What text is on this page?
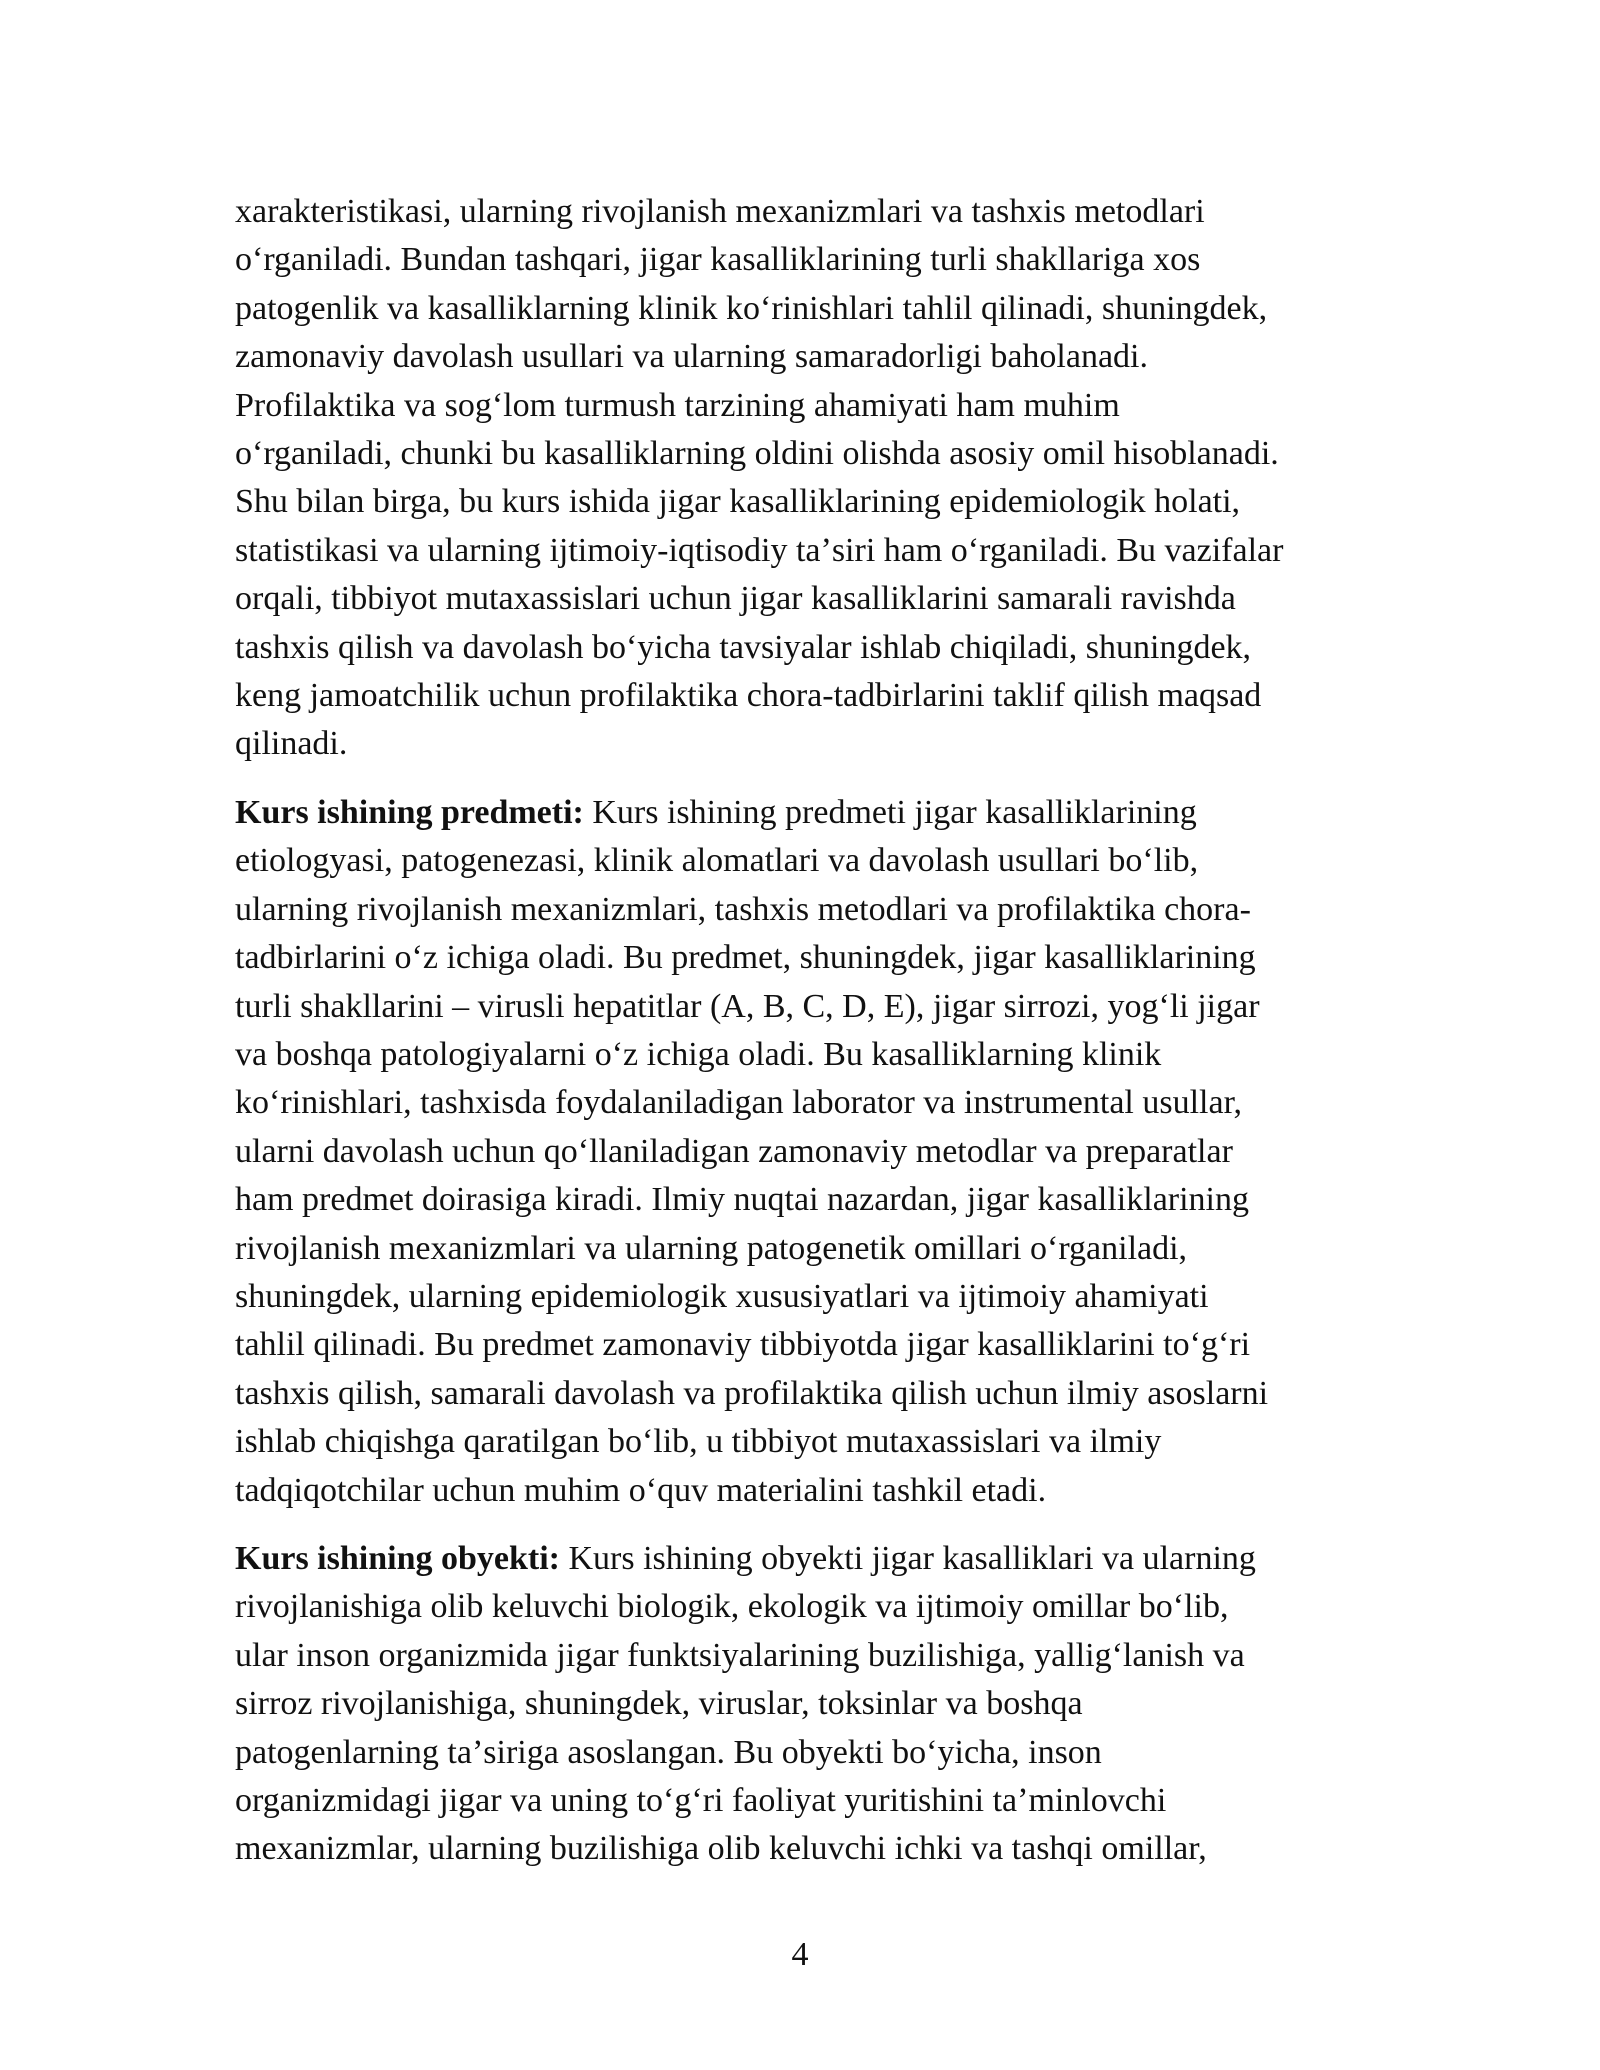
xarakteristikasi, ularning rivojlanish mexanizmlari va tashxis metodlari
oʻrganiladi. Bundan tashqari, jigar kasalliklarining turli shakllariga xos
patogenlik va kasalliklarning klinik koʻrinishlari tahlil qilinadi, shuningdek,
zamonaviy davolash usullari va ularning samaradorligi baholanadi.
Profilaktika va sogʻlom turmush tarzining ahamiyati ham muhim
oʻrganiladi, chunki bu kasalliklarning oldini olishda asosiy omil hisoblanadi.
Shu bilan birga, bu kurs ishida jigar kasalliklarining epidemiologik holati,
statistikasi va ularning ijtimoiy-iqtisodiy taʼsiri ham oʻrganiladi. Bu vazifalar
orqali, tibbiyot mutaxassislari uchun jigar kasalliklarini samarali ravishda
tashxis qilish va davolash boʻyicha tavsiyalar ishlab chiqiladi, shuningdek,
keng jamoatchilik uchun profilaktika chora-tadbirlarini taklif qilish maqsad
qilinadi.

Kurs ishining predmeti: Kurs ishining predmeti jigar kasalliklarining
etiologyasi, patogenezasi, klinik alomatlari va davolash usullari boʻlib,
ularning rivojlanish mexanizmlari, tashxis metodlari va profilaktika chora-
tadbirlarini oʻz ichiga oladi. Bu predmet, shuningdek, jigar kasalliklarining
turli shakllarini – virusli hepatitlar (A, B, C, D, E), jigar sirrozi, yogʻli jigar
va boshqa patologiyalarni oʻz ichiga oladi. Bu kasalliklarning klinik
koʻrinishlari, tashxisda foydalaniladigan laborator va instrumental usullar,
ularni davolash uchun qoʻllaniladigan zamonaviy metodlar va preparatlar
ham predmet doirasiga kiradi. Ilmiy nuqtai nazardan, jigar kasalliklarining
rivojlanish mexanizmlari va ularning patogenetik omillari oʻrganiladi,
shuningdek, ularning epidemiologik xususiyatlari va ijtimoiy ahamiyati
tahlil qilinadi. Bu predmet zamonaviy tibbiyotda jigar kasalliklarini toʻgʻri
tashxis qilish, samarali davolash va profilaktika qilish uchun ilmiy asoslarni
ishlab chiqishga qaratilgan boʻlib, u tibbiyot mutaxassislari va ilmiy
tadqiqotchilar uchun muhim oʻquv materialini tashkil etadi.

Kurs ishining obyekti: Kurs ishining obyekti jigar kasalliklari va ularning
rivojlanishiga olib keluvchi biologik, ekologik va ijtimoiy omillar boʻlib,
ular inson organizmida jigar funktsiyalarining buzilishiga, yalligʻlanish va
sirroz rivojlanishiga, shuningdek, viruslar, toksinlar va boshqa
patogenlarning taʼsiriga asoslangan. Bu obyekti boʻyicha, inson
organizmidagi jigar va uning toʻgʻri faoliyat yuritishini taʼminlovchi
mexanizmlar, ularning buzilishiga olib keluvchi ichki va tashqi omillar,

4
